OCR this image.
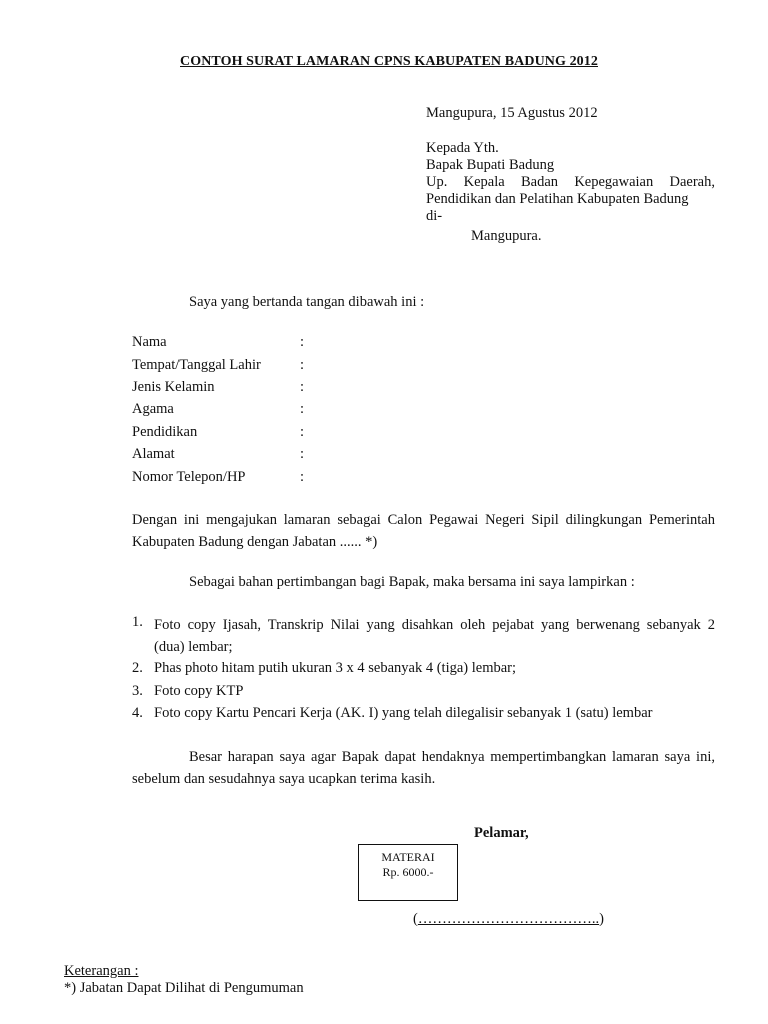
CONTOH SURAT LAMARAN CPNS KABUPATEN BADUNG 2012
Mangupura, 15 Agustus 2012
Kepada Yth.
Bapak Bupati Badung
Up. Kepala Badan Kepegawaian Daerah,
Pendidikan dan Pelatihan Kabupaten Badung
di-
Mangupura.
Saya yang bertanda tangan dibawah ini :
Nama	:
Tempat/Tanggal Lahir	:
Jenis Kelamin	:
Agama	:
Pendidikan	:
Alamat	:
Nomor Telepon/HP	:
Dengan ini mengajukan lamaran sebagai Calon Pegawai Negeri Sipil dilingkungan Pemerintah
Kabupaten Badung dengan Jabatan ...... *)
Sebagai bahan pertimbangan bagi Bapak, maka bersama ini saya lampirkan :
1. Foto copy Ijasah, Transkrip Nilai yang disahkan oleh pejabat yang berwenang sebanyak 2
(dua) lembar;
2. Phas photo hitam putih ukuran 3 x 4 sebanyak 4 (tiga) lembar;
3. Foto copy KTP
4. Foto copy Kartu Pencari Kerja (AK. I) yang telah dilegalisir sebanyak 1 (satu) lembar
Besar harapan saya agar Bapak dapat hendaknya mempertimbangkan lamaran saya ini,
sebelum dan sesudahnya saya ucapkan terima kasih.
Pelamar,
MATERAI
Rp. 6000.-
(………………………………..)
Keterangan :
*) Jabatan Dapat Dilihat di Pengumuman
